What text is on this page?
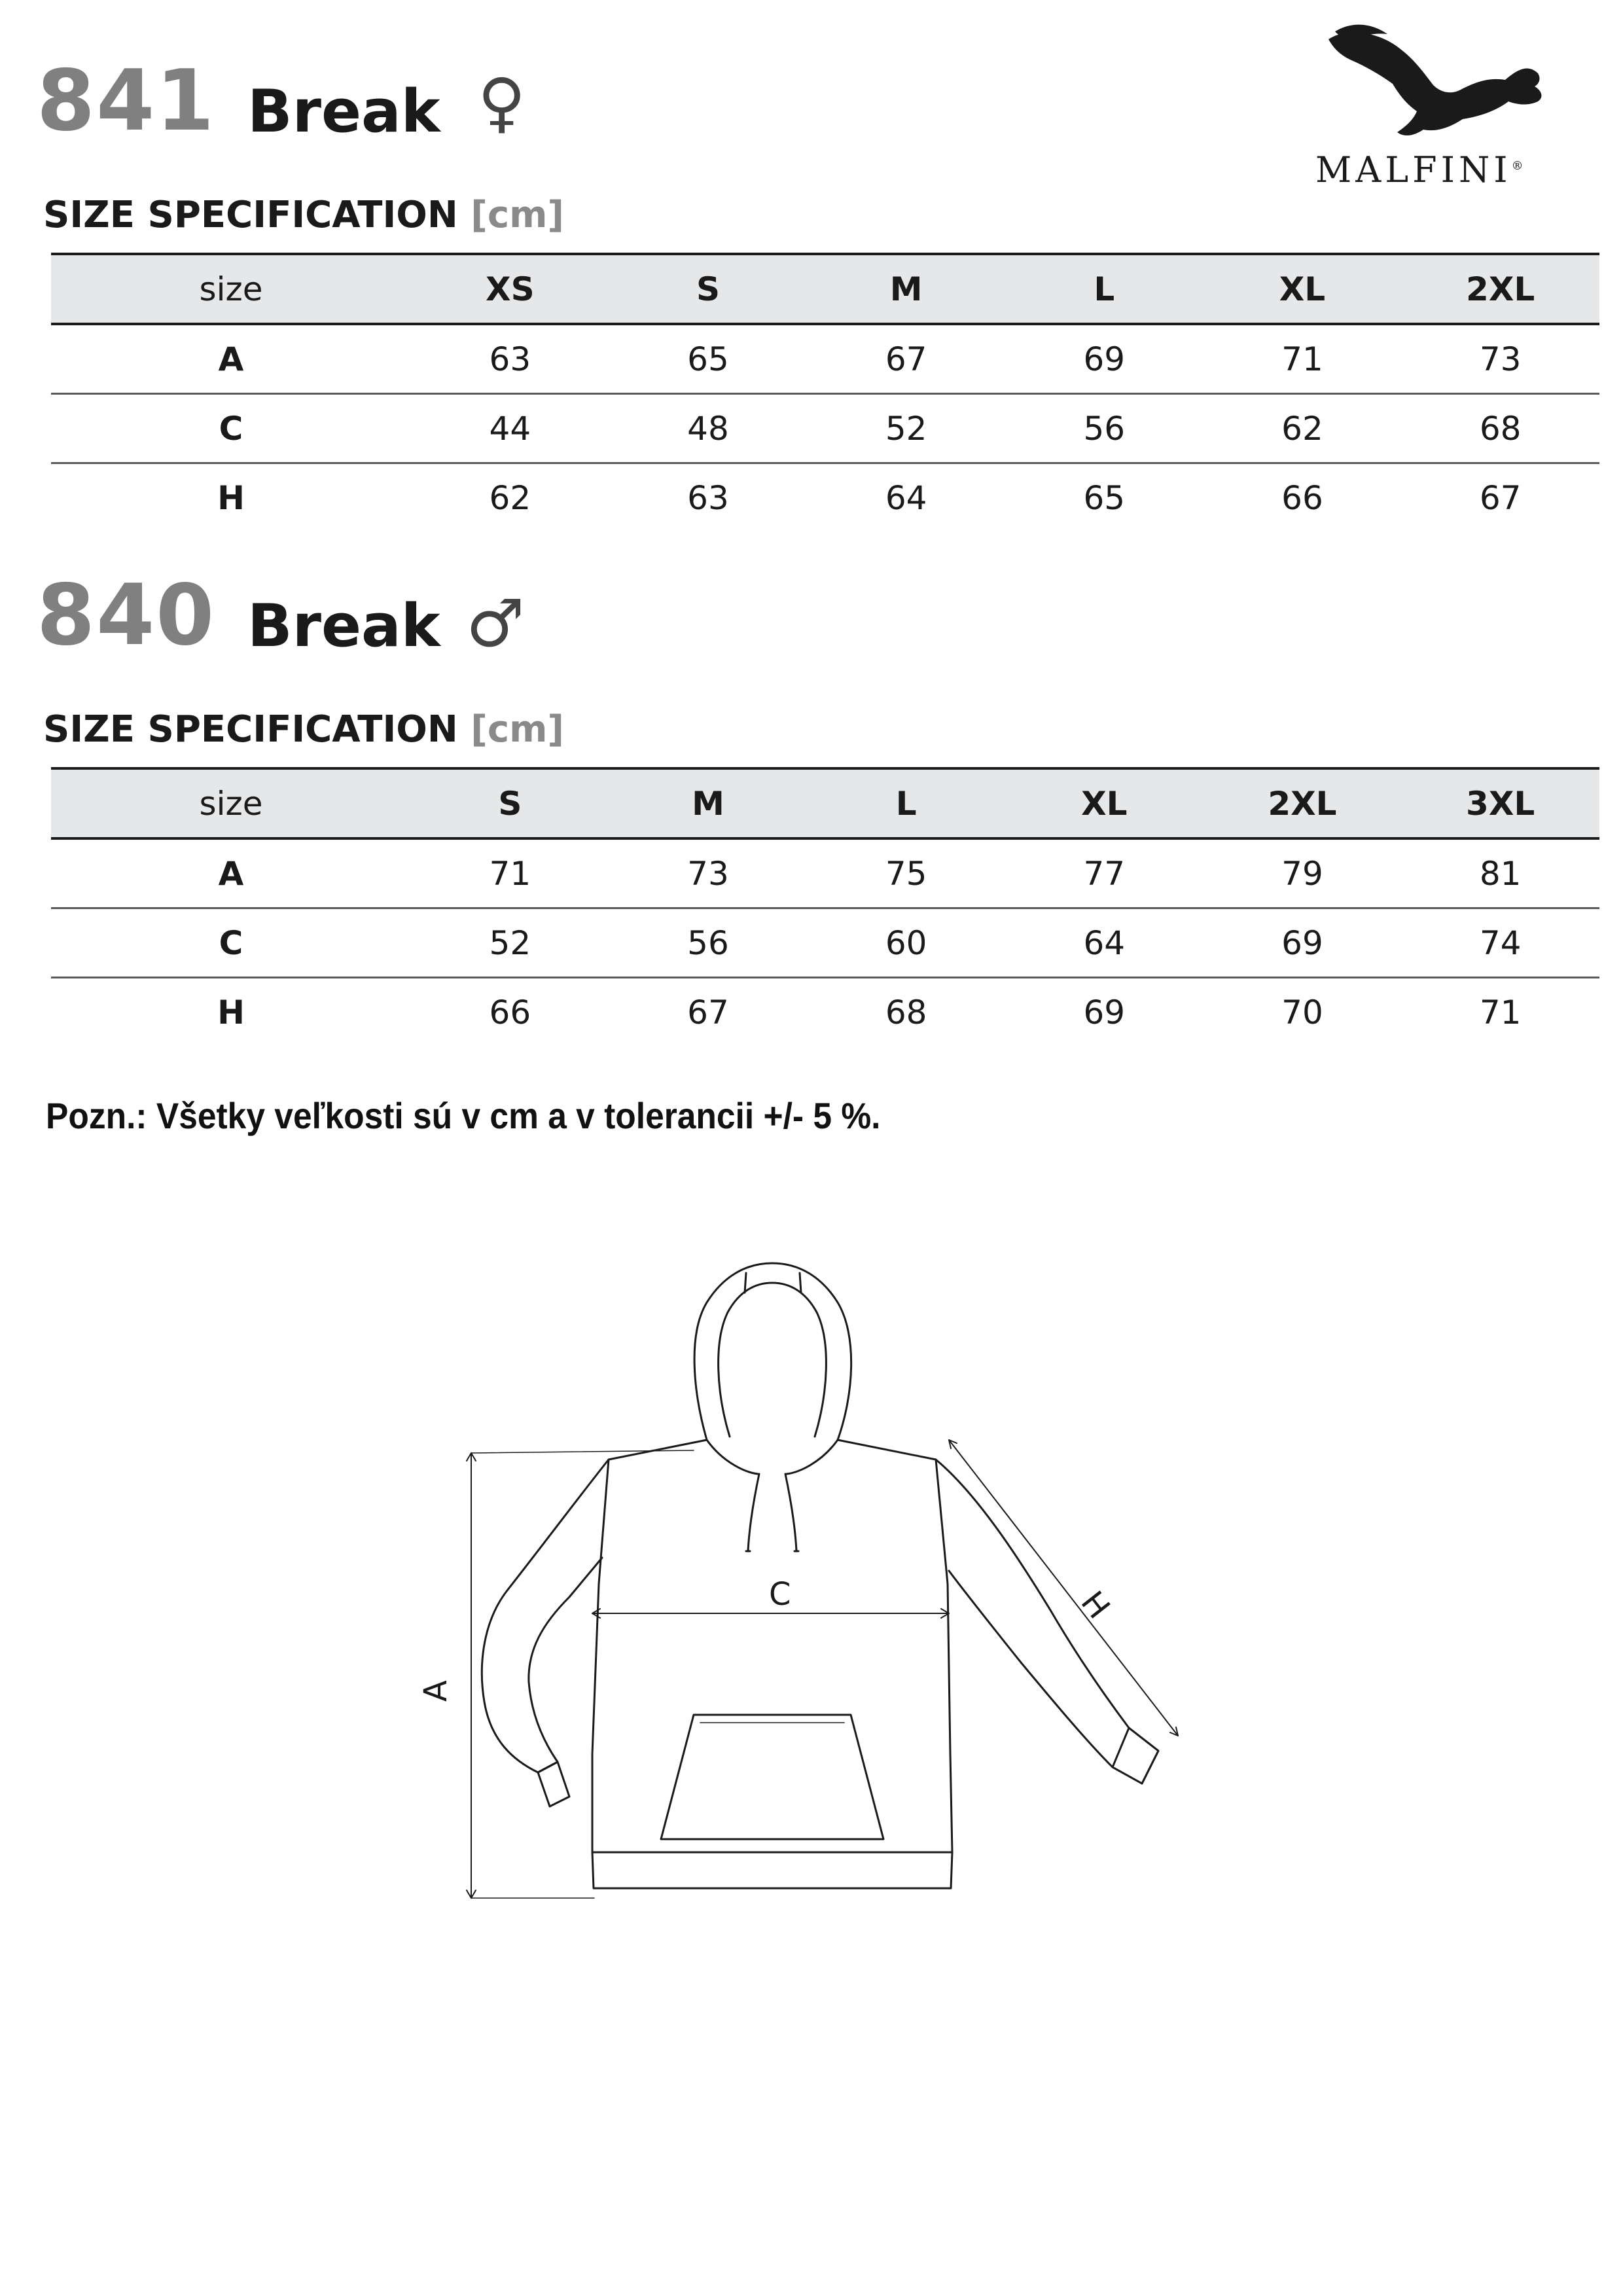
841 Break ♀
MALFINI®
SIZE SPECIFICATION [cm]
size	XS	S	M	L	XL	2XL
A	63	65	67	69	71	73
C	44	48	52	56	62	68
H	62	63	64	65	66	67
840 Break ♂
SIZE SPECIFICATION [cm]
size	S	M	L	XL	2XL	3XL
A	71	73	75	77	79	81
C	52	56	60	64	69	74
H	66	67	68	69	70	71
Pozn.: Všetky veľkosti sú v cm a v tolerancii +/- 5 %.
C
A
H
